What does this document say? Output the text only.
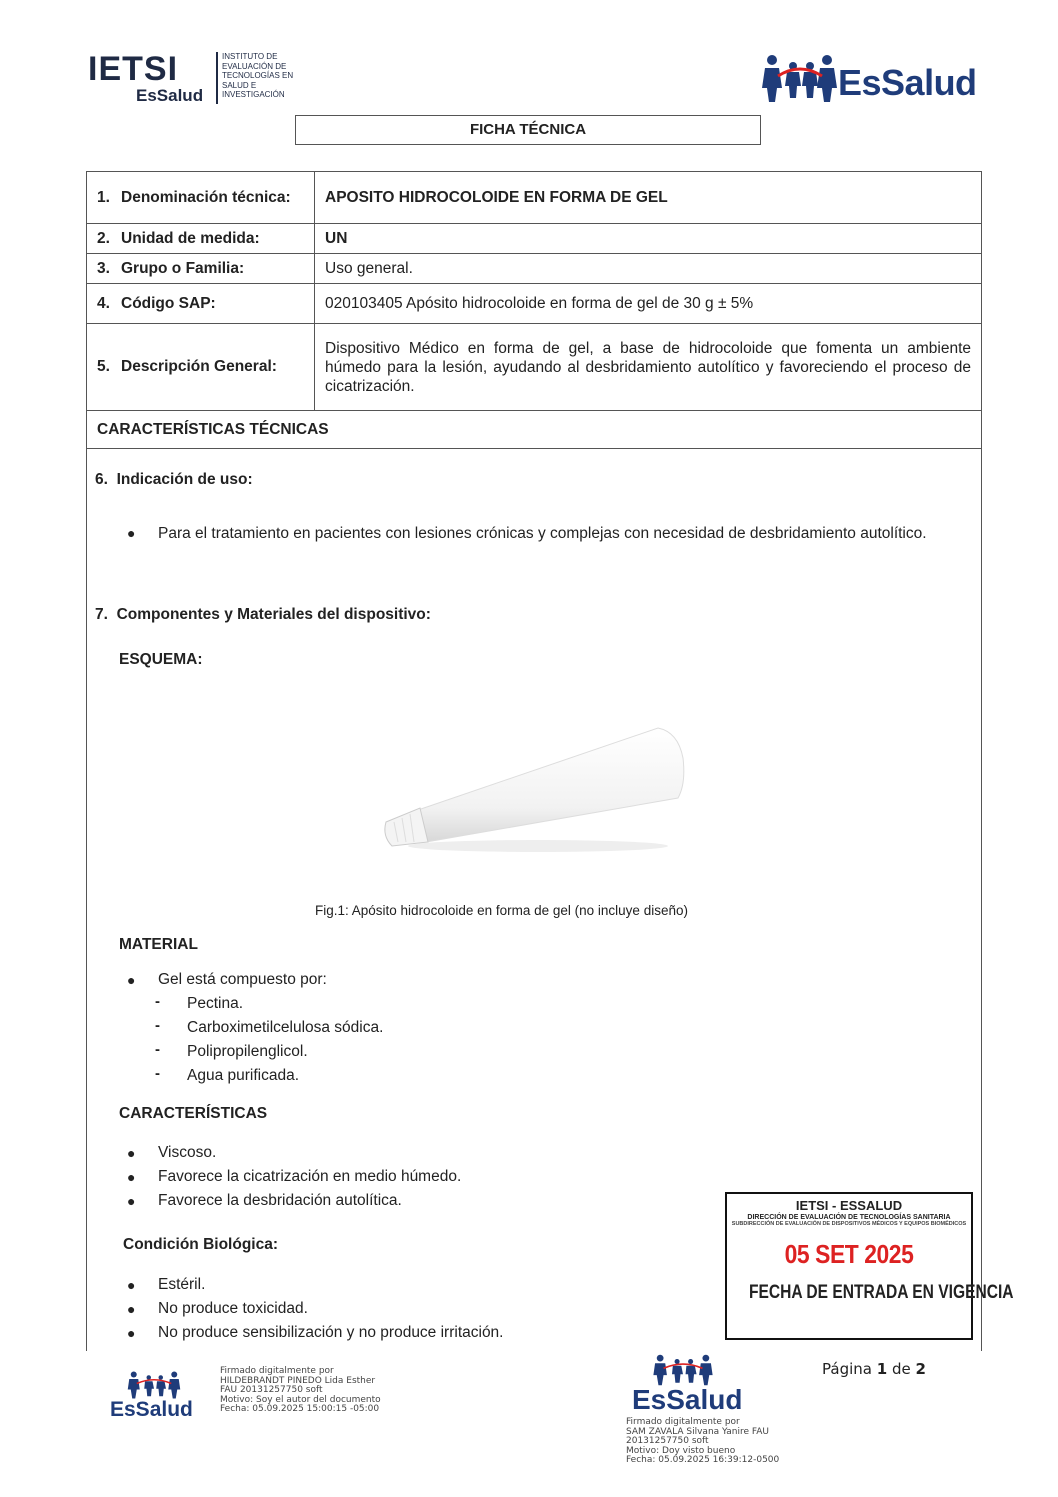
IETSI
EsSalud
INSTITUTO DE
EVALUACIÓN DE
TECNOLOGÍAS EN
SALUD E
INVESTIGACIÓN	EsSalud
FICHA TÉCNICA
1. Denominación técnica:	APOSITO HIDROCOLOIDE EN FORMA DE GEL
2. Unidad de medida:	UN
3. Grupo o Familia:	Uso general.
4. Código SAP:	020103405 Apósito hidrocoloide en forma de gel de 30 g ± 5%
5. Descripción General:	Dispositivo Médico en forma de gel, a base de hidrocoloide que fomenta un ambiente húmedo para la lesión, ayudando al desbridamiento autolítico y favoreciendo el proceso de cicatrización.
CARACTERÍSTICAS TÉCNICAS	
6. Indicación de uso:
● Para el tratamiento en pacientes con lesiones crónicas y complejas con necesidad de desbridamiento autolítico.
7. Componentes y Materiales del dispositivo:
ESQUEMA:
Fig.1: Apósito hidrocoloide en forma de gel (no incluye diseño)
MATERIAL
● Gel está compuesto por:
- Pectina.
- Carboximetilcelulosa sódica.
- Polipropilenglicol.
- Agua purificada.
CARACTERÍSTICAS
● Viscoso.
● Favorece la cicatrización en medio húmedo.
● Favorece la desbridación autolítica.
Condición Biológica:
● Estéril.
● No produce toxicidad.
● No produce sensibilización y no produce irritación.
IETSI - ESSALUD
DIRECCIÓN DE EVALUACIÓN DE TECNOLOGÍAS SANITARIA
SUBDIRECCIÓN DE EVALUACIÓN DE DISPOSITIVOS MÉDICOS Y EQUIPOS BIOMÉDICOS
05 SET 2025
FECHA DE ENTRADA EN VIGENCIA
EsSalud
Firmado digitalmente por
HILDEBRANDT PINEDO Lida Esther
FAU 20131257750 soft
Motivo: Soy el autor del documento
Fecha: 05.09.2025 15:00:15 -05:00	EsSalud
Firmado digitalmente por
SAM ZAVALA Silvana Yanire FAU
20131257750 soft
Motivo: Doy visto bueno
Fecha: 05.09.2025 16:39:12-0500
Página 1 de 2
